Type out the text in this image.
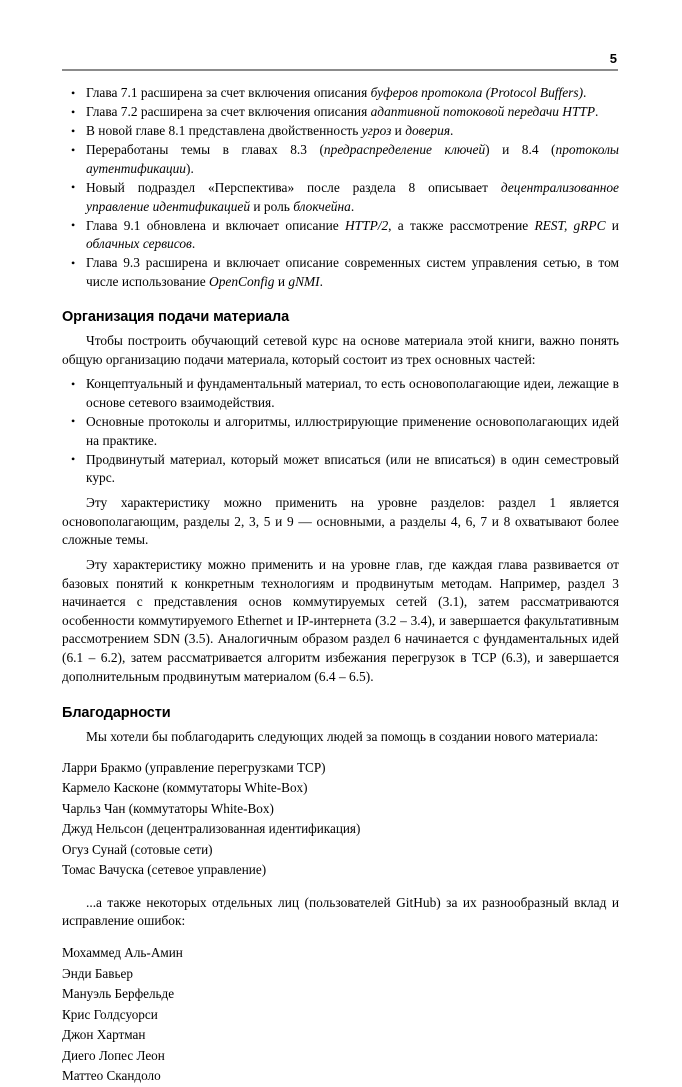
5
• Глава 7.1 расширена за счет включения описания буферов протокола (Protocol Buffers).
• Глава 7.2 расширена за счет включения описания адаптивной потоковой передачи HTTP.
• В новой главе 8.1 представлена двойственность угроз и доверия.
• Переработаны темы в главах 8.3 (предраспределение ключей) и 8.4 (протоколы аутентификации).
• Новый подраздел «Перспектива» после раздела 8 описывает децентрализованное управление идентификацией и роль блокчейна.
• Глава 9.1 обновлена и включает описание HTTP/2, а также рассмотрение REST, gRPC и облачных сервисов.
• Глава 9.3 расширена и включает описание современных систем управления сетью, в том числе использование OpenConfig и gNMI.
Организация подачи материала

Чтобы построить обучающий сетевой курс на основе материала этой книги, важно понять общую организацию подачи материала, который состоит из трех основных частей:

• Концептуальный и фундаментальный материал, то есть основополагающие идеи, лежащие в основе сетевого взаимодействия.
• Основные протоколы и алгоритмы, иллюстрирующие применение основополагающих идей на практике.
• Продвинутый материал, который может вписаться (или не вписаться) в один семестровый курс.

Эту характеристику можно применить на уровне разделов: раздел 1 является основополагающим, разделы 2, 3, 5 и 9 — основными, а разделы 4, 6, 7 и 8 охватывают более сложные темы.

Эту характеристику можно применить и на уровне глав, где каждая глава развивается от базовых понятий к конкретным технологиям и продвинутым методам. Например, раздел 3 начинается с представления основ коммутируемых сетей (3.1), затем рассматриваются особенности коммутируемого Ethernet и IP-интернета (3.2 – 3.4), и завершается факультативным рассмотрением SDN (3.5). Аналогичным образом раздел 6 начинается с фундаментальных идей (6.1 – 6.2), затем рассматривается алгоритм избежания перегрузок в TCP (6.3), и завершается дополнительным продвинутым материалом (6.4 – 6.5).

Благодарности

Мы хотели бы поблагодарить следующих людей за помощь в создании нового материала:

Ларри Бракмо (управление перегрузками TCP)
Кармело Касконе (коммутаторы White-Box)
Чарльз Чан (коммутаторы White-Box)
Джуд Нельсон (децентрализованная идентификация)
Огуз Сунай (сотовые сети)
Томас Вачуска (сетевое управление)

...а также некоторых отдельных лиц (пользователей GitHub) за их разнообразный вклад и исправление ошибок:

Мохаммед Аль-Амин
Энди Бавьер
Мануэль Берфельде
Крис Голдсуорси
Джон Хартман
Диего Лопес Леон
Маттео Скандоло
